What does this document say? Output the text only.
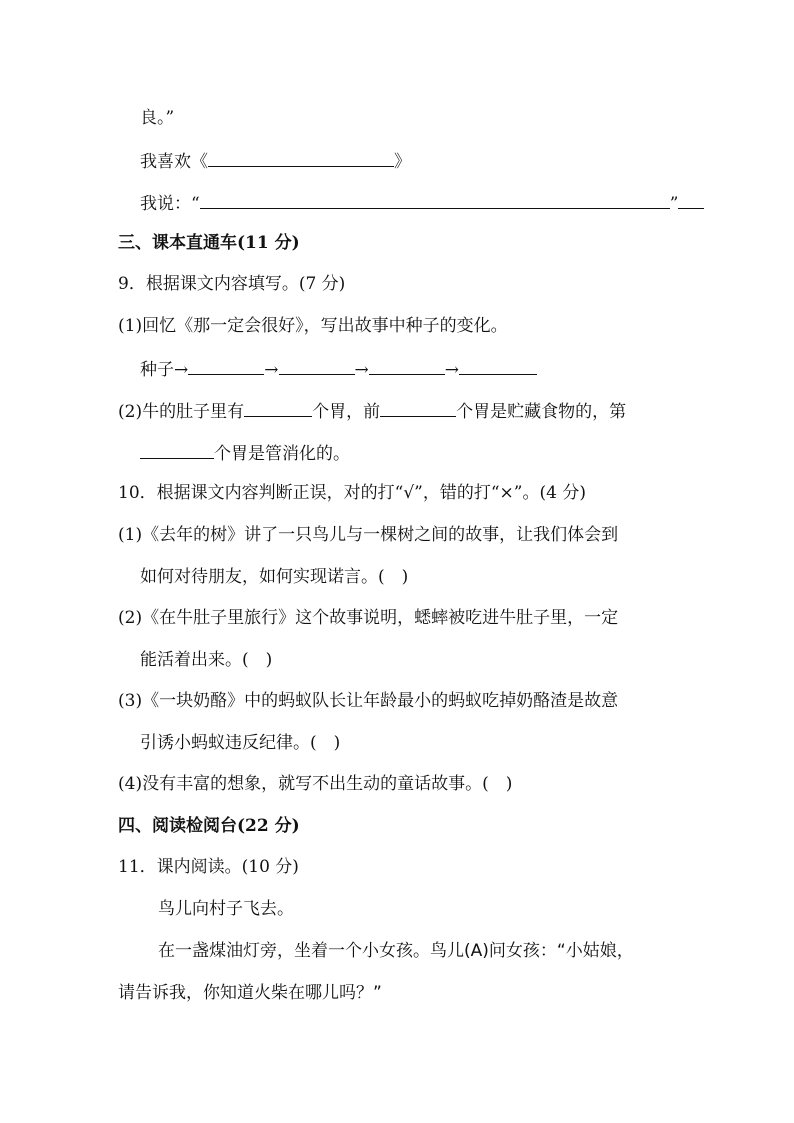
良。”
我喜欢《	》
我说：“	”
三、课本直通车(11 分)
9．根据课文内容填写。(7 分)
(1)回忆《那一定会很好》，写出故事中种子的变化。
种子→	→	→	→
(2)牛的肚子里有	个胃，前	个胃是贮藏食物的，第
个胃是管消化的。
10．根据课文内容判断正误，对的打“√”，错的打“×”。(4 分)
(1)《去年的树》讲了一只鸟儿与一棵树之间的故事，让我们体会到
如何对待朋友，如何实现诺言。(　)
(2)《在牛肚子里旅行》这个故事说明，蟋蟀被吃进牛肚子里，一定
能活着出来。(　)
(3)《一块奶酪》中的蚂蚁队长让年龄最小的蚂蚁吃掉奶酪渣是故意
引诱小蚂蚁违反纪律。(　)
(4)没有丰富的想象，就写不出生动的童话故事。(　)
四、阅读检阅台(22 分)
11．课内阅读。(10 分)
鸟儿向村子飞去。
在一盏煤油灯旁，坐着一个小女孩。鸟儿(A)问女孩：“小姑娘，
请告诉我，你知道火柴在哪儿吗？”
